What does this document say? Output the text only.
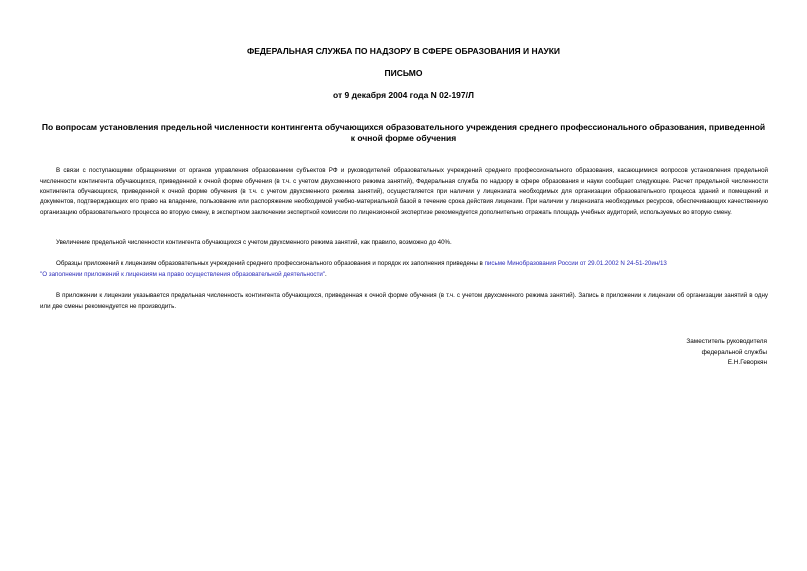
ФЕДЕРАЛЬНАЯ СЛУЖБА ПО НАДЗОРУ В СФЕРЕ ОБРАЗОВАНИЯ И НАУКИ
ПИСЬМО
от 9 декабря 2004 года N 02-197/Л
По вопросам установления предельной численности контингента обучающихся образовательного учреждения среднего профессионального образования, приведенной к очной форме обучения

В связи с поступающими обращениями от органов управления образованием субъектов РФ и руководителей образовательных учреждений среднего профессионального образования, касающимися вопросов установления предельной численности контингента обучающихся, приведенной к очной форме обучения (в т.ч. с учетом двухсменного режима занятий), Федеральная служба по надзору в сфере образования и науки сообщает следующее. Расчет предельной численности контингента обучающихся, приведенной к очной форме обучения (в т.ч. с учетом двухсменного режима занятий), осуществляется при наличии у лицензиата необходимых для организации образовательного процесса зданий и помещений и документов, подтверждающих его право на владение, пользование или распоряжение необходимой учебно-материальной базой в течение срока действия лицензии. При наличии у лицензиата необходимых ресурсов, обеспечивающих качественную организацию образовательного процесса во вторую смену, в экспертном заключении экспертной комиссии по лицензионной экспертизе рекомендуется дополнительно отражать площадь учебных аудиторий, используемых во вторую смену.

Увеличение предельной численности контингента обучающихся с учетом двухсменного режима занятий, как правило, возможно до 40%.

Образцы приложений к лицензиям образовательных учреждений среднего профессионального образования и порядок их заполнения приведены в письме Минобразования России от 29.01.2002 N 24-51-20ин/13
"О заполнении приложений к лицензиям на право осуществления образовательной деятельности".

В приложении к лицензии указывается предельная численность контингента обучающихся, приведенная к очной форме обучения (в т.ч. с учетом двухсменного режима занятий). Запись в приложении к лицензии об организации занятий в одну или две смены рекомендуется не производить.

Заместитель руководителя
федеральной службы
Е.Н.Геворкян
